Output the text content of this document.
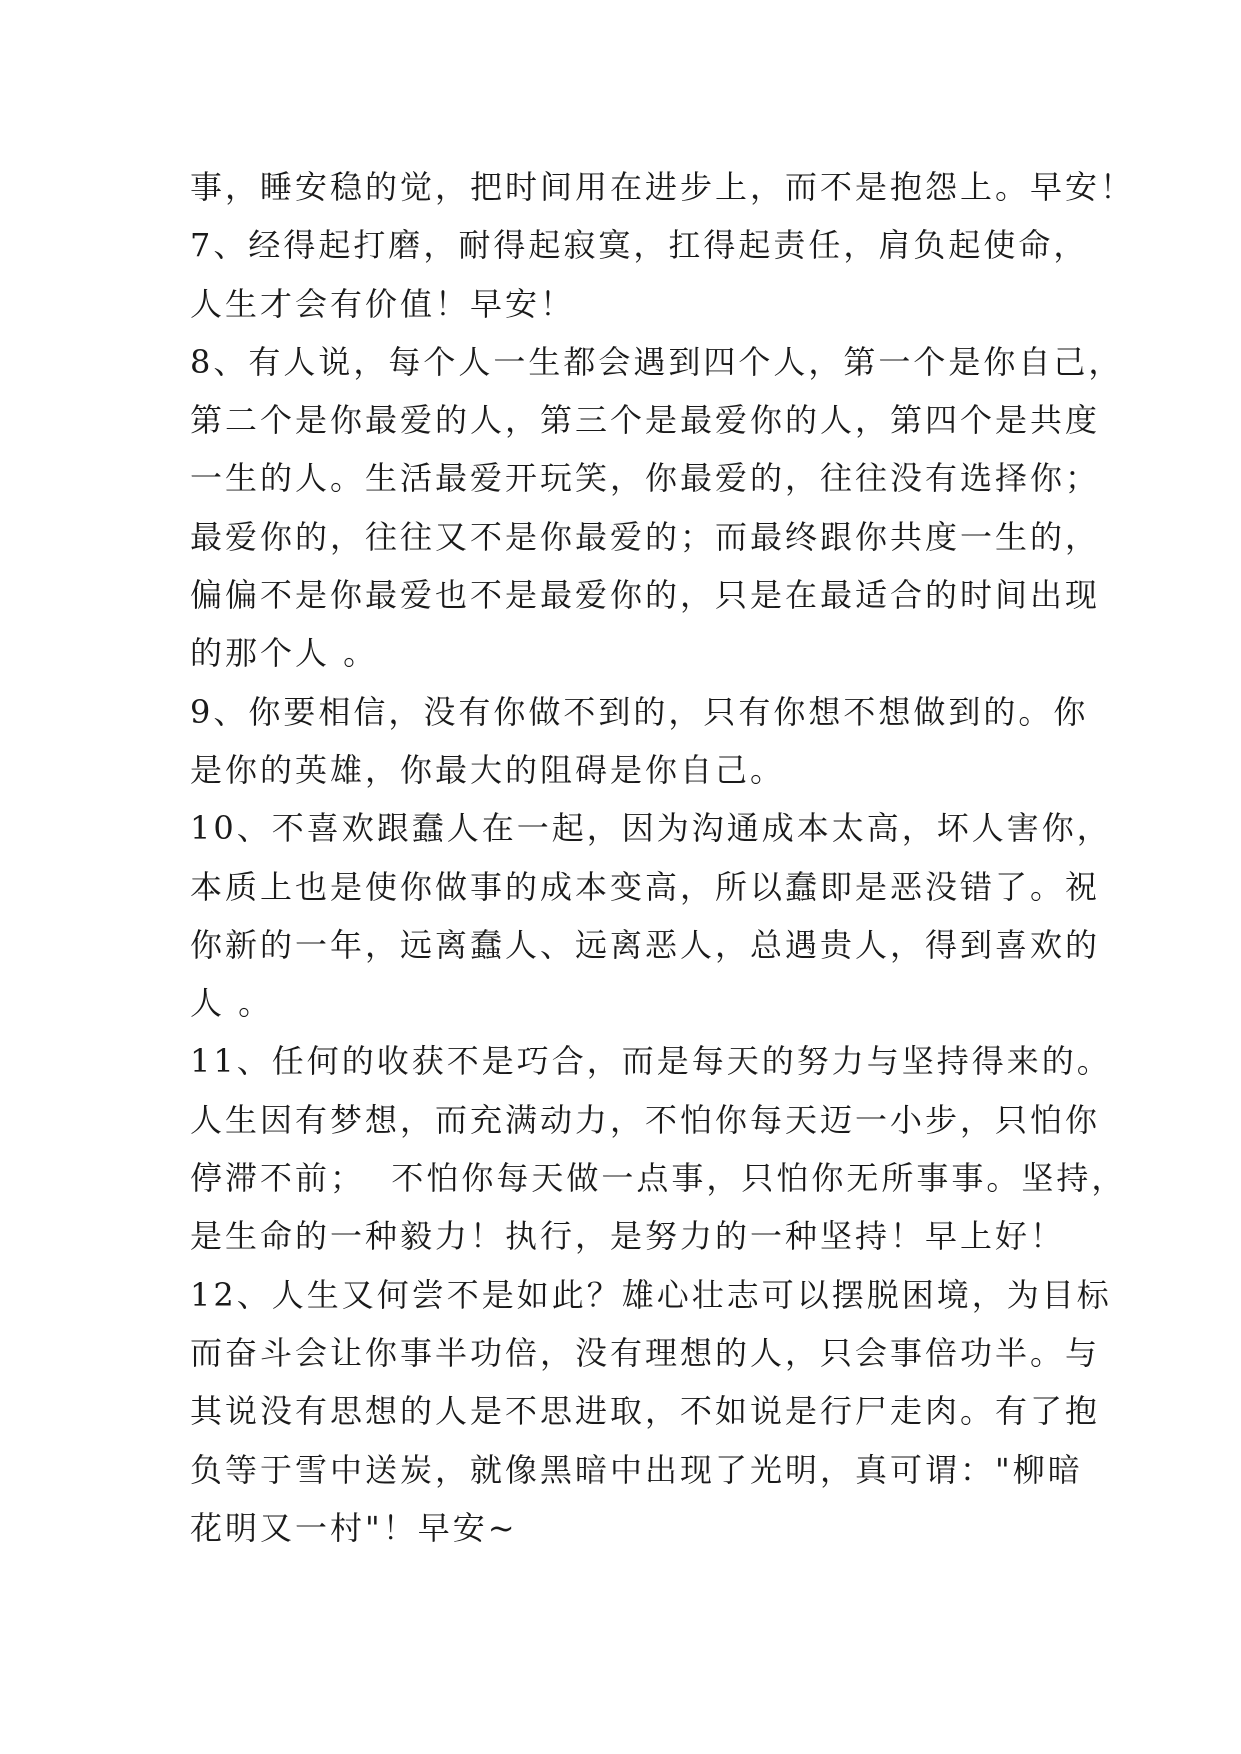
事，睡安稳的觉，把时间用在进步上，而不是抱怨上。早安！
7、经得起打磨，耐得起寂寞，扛得起责任，肩负起使命，
人生才会有价值！早安！
8、有人说，每个人一生都会遇到四个人，第一个是你自己，
第二个是你最爱的人，第三个是最爱你的人，第四个是共度
一生的人。生活最爱开玩笑，你最爱的，往往没有选择你；
最爱你的，往往又不是你最爱的；而最终跟你共度一生的，
偏偏不是你最爱也不是最爱你的，只是在最适合的时间出现
的那个人 。
9、你要相信，没有你做不到的，只有你想不想做到的。你
是你的英雄，你最大的阻碍是你自己。
10、不喜欢跟蠢人在一起，因为沟通成本太高，坏人害你，
本质上也是使你做事的成本变高，所以蠢即是恶没错了。祝
你新的一年，远离蠢人、远离恶人，总遇贵人，得到喜欢的
人 。
11、任何的收获不是巧合，而是每天的努力与坚持得来的。
人生因有梦想，而充满动力，不怕你每天迈一小步，只怕你
停滞不前；  不怕你每天做一点事，只怕你无所事事。坚持，
是生命的一种毅力！执行，是努力的一种坚持！早上好！
12、人生又何尝不是如此？雄心壮志可以摆脱困境，为目标
而奋斗会让你事半功倍，没有理想的人，只会事倍功半。与
其说没有思想的人是不思进取，不如说是行尸走肉。有了抱
负等于雪中送炭，就像黑暗中出现了光明，真可谓："柳暗
花明又一村"！早安~
